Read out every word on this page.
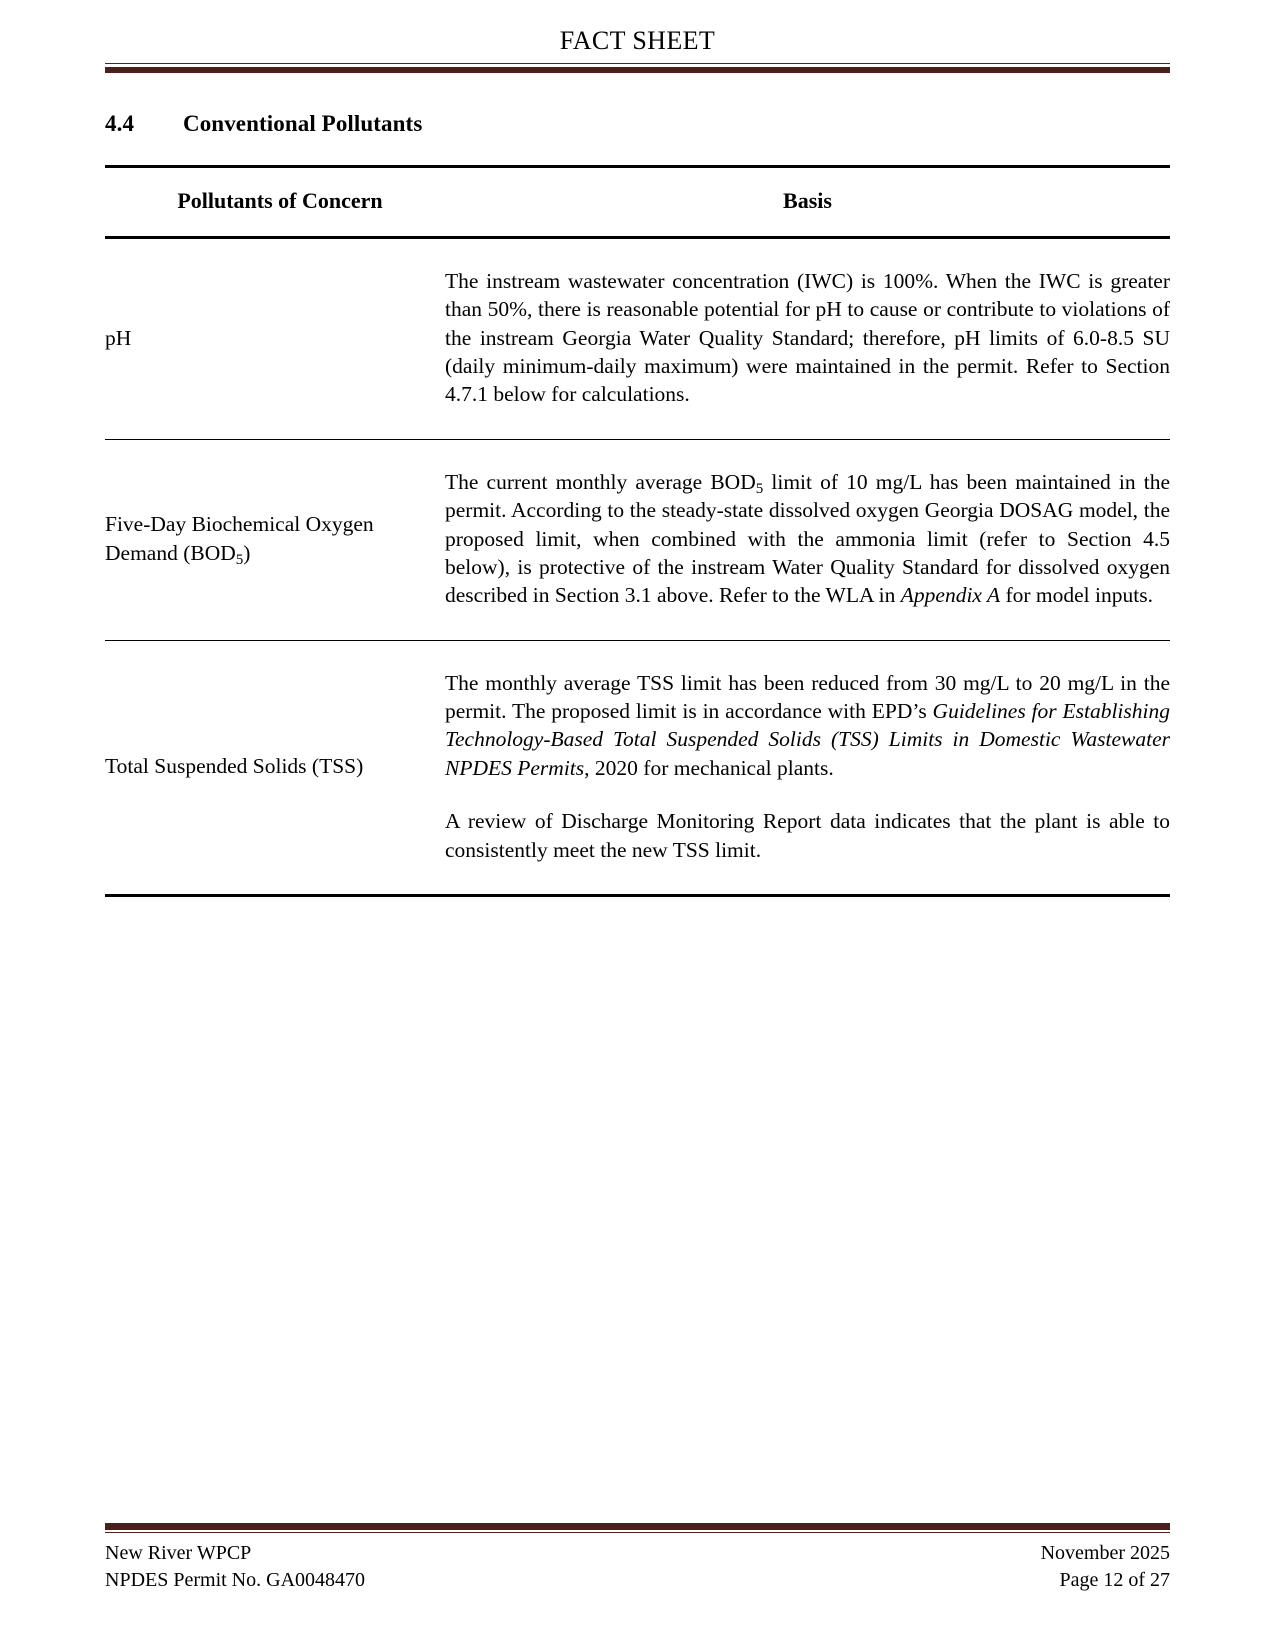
FACT SHEET
4.4	Conventional Pollutants
Pollutants of Concern	Basis
pH	The instream wastewater concentration (IWC) is 100%. When the IWC is greater than 50%, there is reasonable potential for pH to cause or contribute to violations of the instream Georgia Water Quality Standard; therefore, pH limits of 6.0-8.5 SU (daily minimum-daily maximum) were maintained in the permit. Refer to Section 4.7.1 below for calculations.

Five-Day Biochemical Oxygen
Demand $(BOD_5)$	The current monthly average $BOD_5$ limit of 10 mg/L has been maintained in the permit. According to the steady-state dissolved oxygen Georgia DOSAG model, the proposed limit, when combined with the ammonia limit (refer to Section 4.5 below), is protective of the instream Water Quality Standard for dissolved oxygen described in Section 3.1 above. Refer to the WLA in Appendix A for model inputs.

Total Suspended Solids (TSS)	The monthly average TSS limit has been reduced from 30 mg/L to 20 mg/L in the permit. The proposed limit is in accordance with EPD’s Guidelines for Establishing Technology-Based Total Suspended Solids (TSS) Limits in Domestic Wastewater NPDES Permits, 2020 for mechanical plants.

A review of Discharge Monitoring Report data indicates that the plant is able to consistently meet the new TSS limit.

New River WPCP
NPDES Permit No. GA0048470
November 2025
Page 12 of 27
